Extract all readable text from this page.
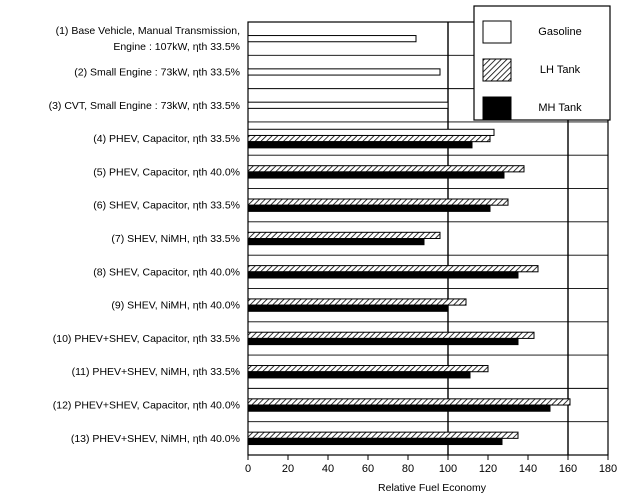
(1) Base Vehicle, Manual Transmission,
Engine : 107kW, ηth 33.5%
(2) Small Engine : 73kW, ηth 33.5%
(3) CVT, Small Engine : 73kW, ηth 33.5%
(4) PHEV, Capacitor, ηth 33.5%
(5) PHEV, Capacitor, ηth 40.0%
(6) SHEV, Capacitor, ηth 33.5%
(7) SHEV, NiMH, ηth 33.5%
(8) SHEV, Capacitor, ηth 40.0%
(9) SHEV, NiMH, ηth 40.0%
(10) PHEV+SHEV, Capacitor, ηth 33.5%
(11) PHEV+SHEV, NiMH, ηth 33.5%
(12) PHEV+SHEV, Capacitor, ηth 40.0%
(13) PHEV+SHEV, NiMH, ηth 40.0%
0	20	40	60	80 100 120 140 160 180
Relative Fuel Economy
Gasoline
LH Tank
MH Tank
